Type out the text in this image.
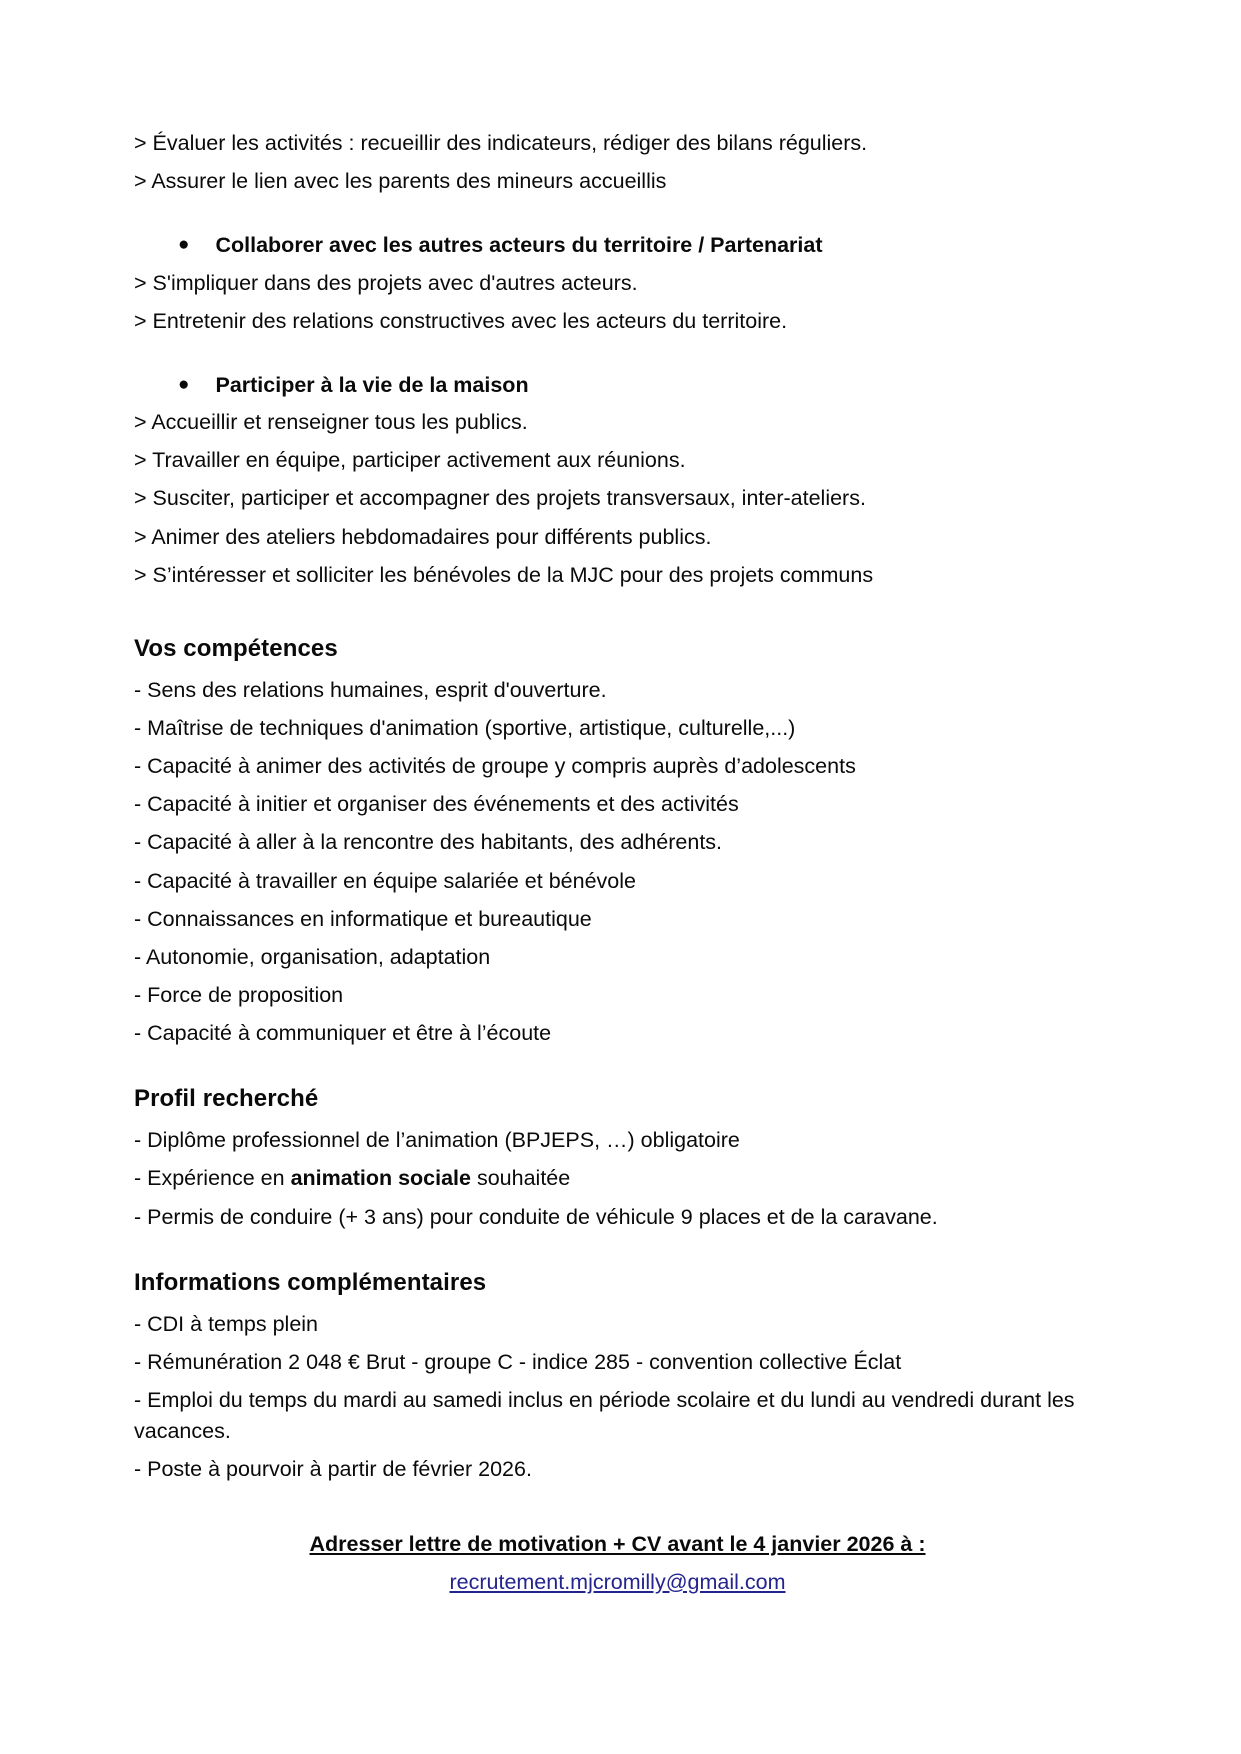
> Évaluer les activités : recueillir des indicateurs, rédiger des bilans réguliers.

> Assurer le lien avec les parents des mineurs accueillis

● Collaborer avec les autres acteurs du territoire / Partenariat

> S'impliquer dans des projets avec d'autres acteurs.

> Entretenir des relations constructives avec les acteurs du territoire.

● Participer à la vie de la maison

> Accueillir et renseigner tous les publics.

> Travailler en équipe, participer activement aux réunions.

> Susciter, participer et accompagner des projets transversaux, inter-ateliers.

> Animer des ateliers hebdomadaires pour différents publics.

> S’intéresser et solliciter les bénévoles de la MJC pour des projets communs

Vos compétences

- Sens des relations humaines, esprit d'ouverture.

- Maîtrise de techniques d'animation (sportive, artistique, culturelle,...)

- Capacité à animer des activités de groupe y compris auprès d’adolescents

- Capacité à initier et organiser des événements et des activités

- Capacité à aller à la rencontre des habitants, des adhérents.

- Capacité à travailler en équipe salariée et bénévole

- Connaissances en informatique et bureautique

- Autonomie, organisation, adaptation

- Force de proposition

- Capacité à communiquer et être à l’écoute

Profil recherché

- Diplôme professionnel de l’animation (BPJEPS, …) obligatoire

- Expérience en animation sociale souhaitée

- Permis de conduire (+ 3 ans) pour conduite de véhicule 9 places et de la caravane.

Informations complémentaires

- CDI à temps plein

- Rémunération 2 048 € Brut - groupe C - indice 285 - convention collective Éclat

- Emploi du temps du mardi au samedi inclus en période scolaire et du lundi au vendredi durant les vacances.

- Poste à pourvoir à partir de février 2026.

Adresser lettre de motivation + CV avant le 4 janvier 2026 à :
recrutement.mjcromilly@gmail.com
